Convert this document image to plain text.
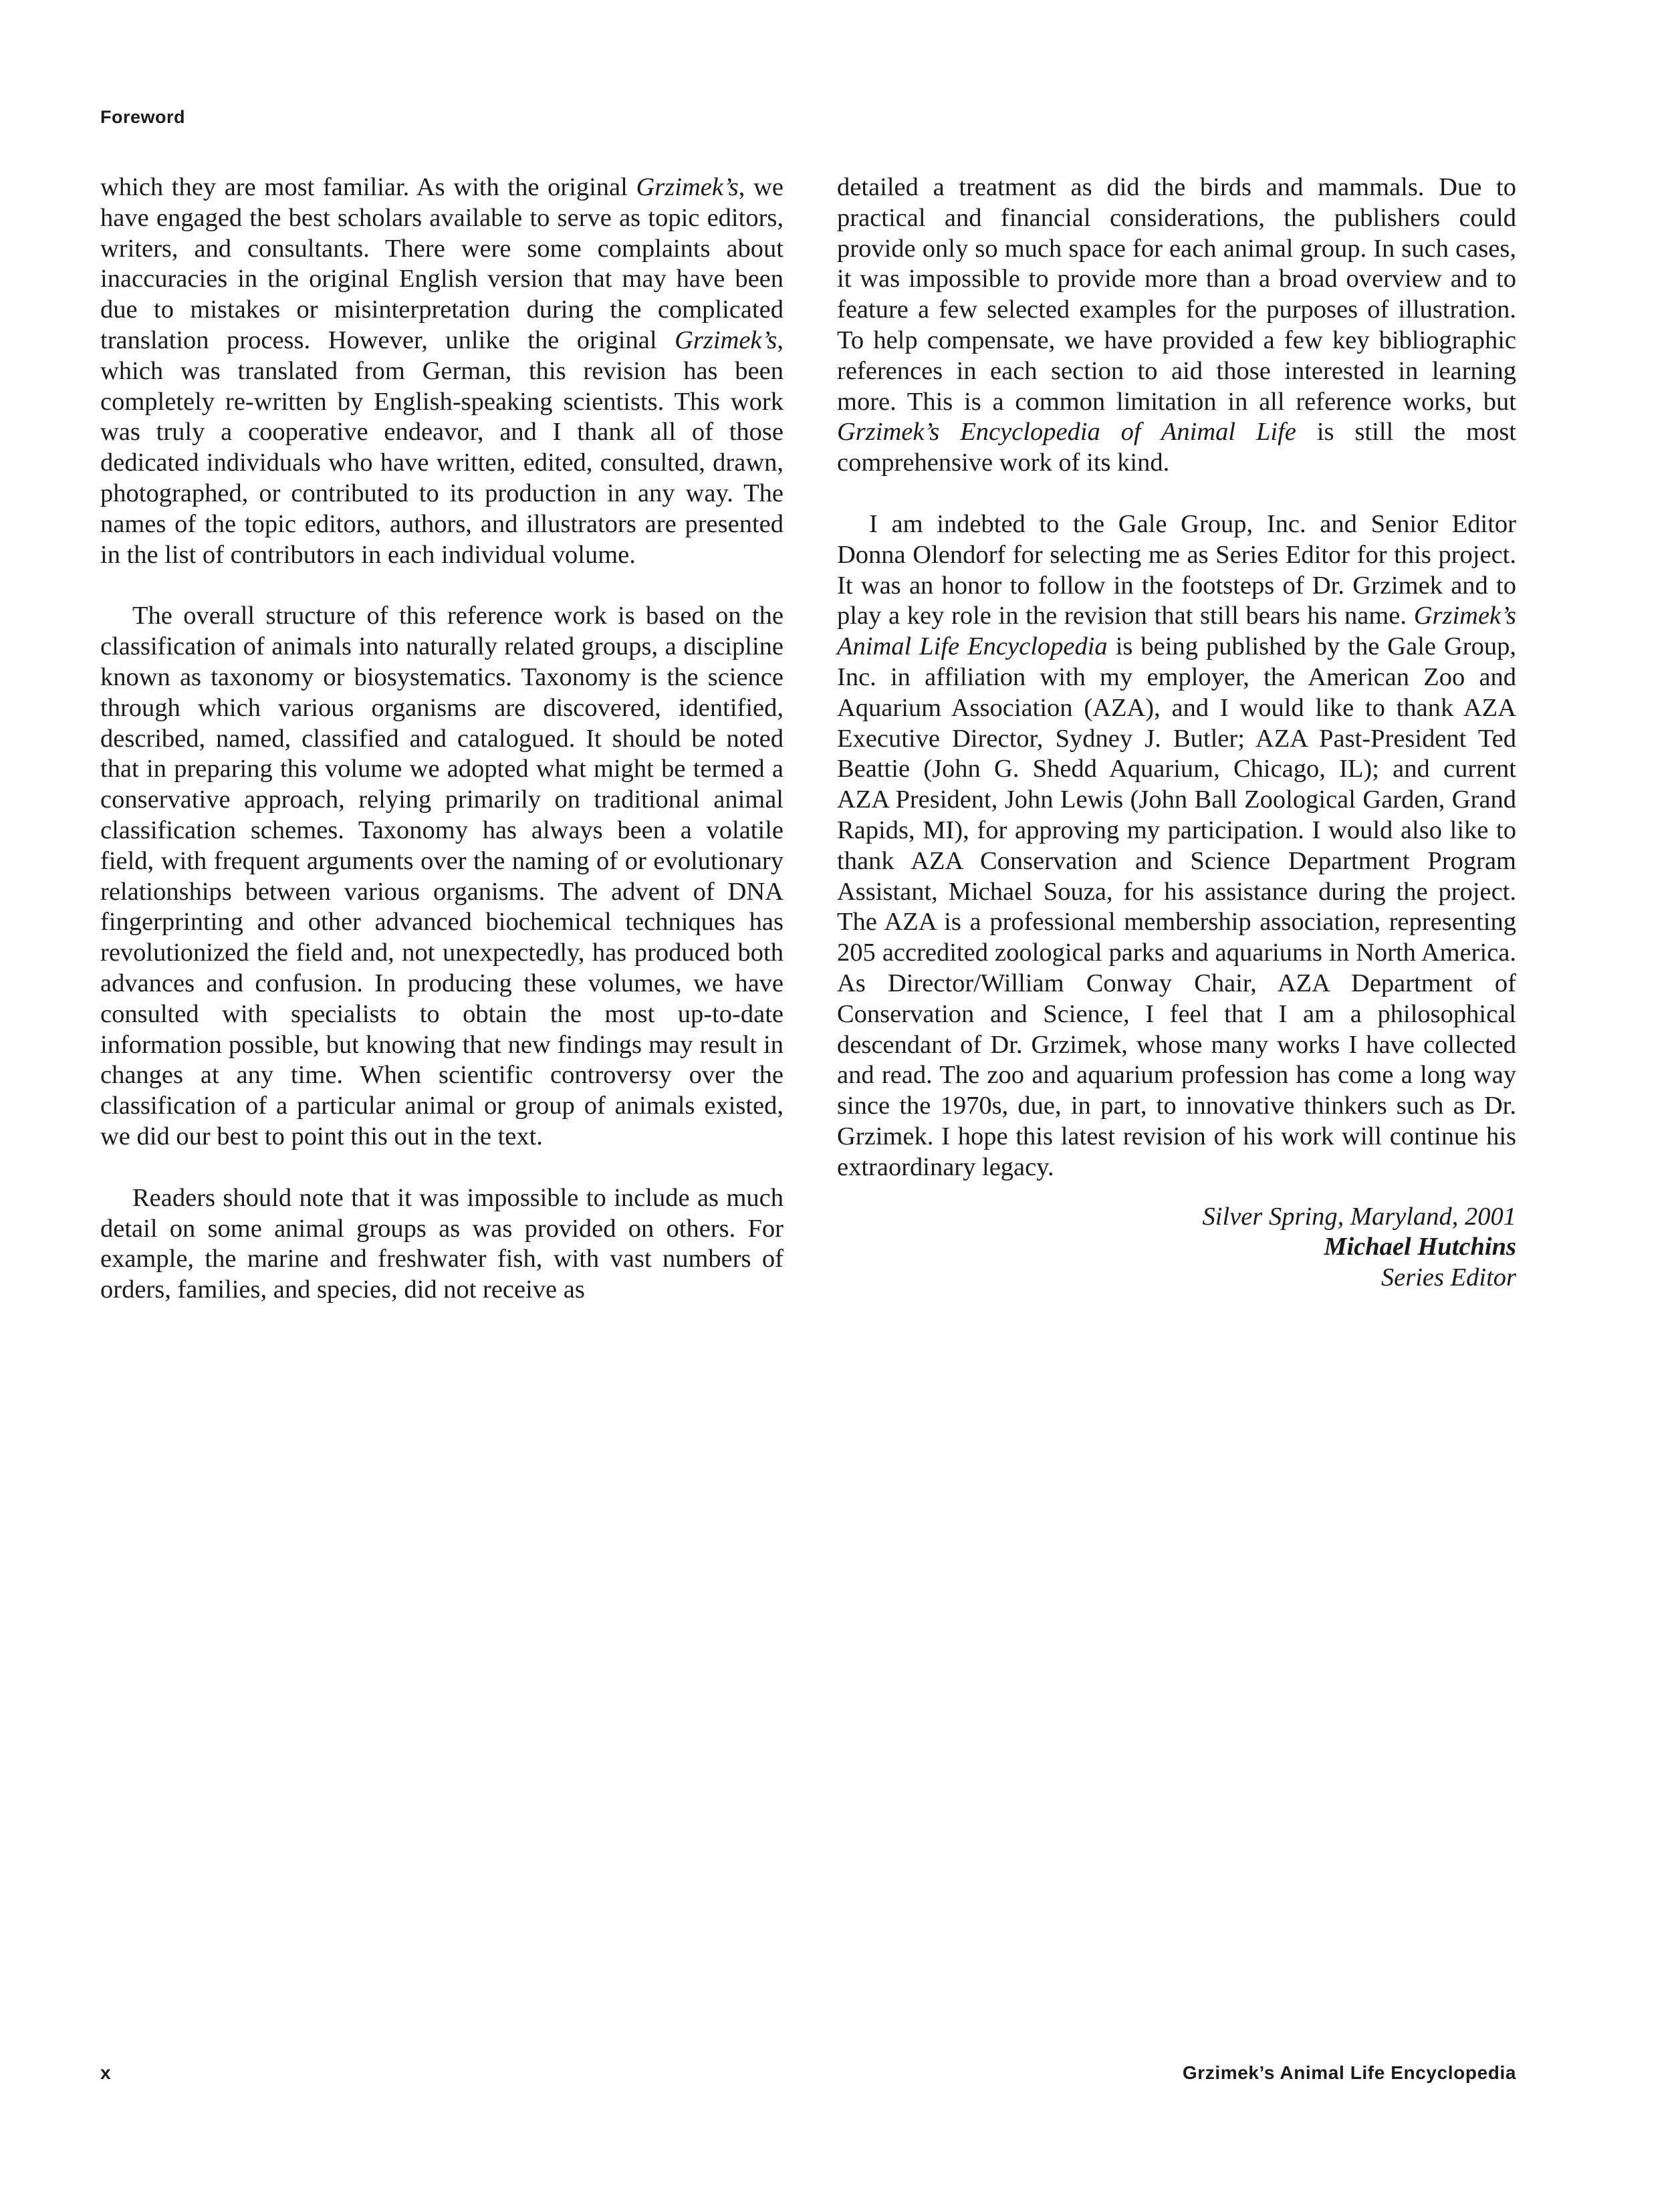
Foreword

which they are most familiar. As with the original Grzimek’s, we have engaged the best scholars available to serve as topic editors, writers, and consultants. There were some complaints about inaccuracies in the original English version that may have been due to mistakes or misinterpretation during the complicated translation process. However, unlike the original Grzimek’s, which was translated from German, this revision has been completely re-written by English-speaking scientists. This work was truly a cooperative endeavor, and I thank all of those dedicated individuals who have written, edited, consulted, drawn, photographed, or contributed to its production in any way. The names of the topic editors, authors, and illustrators are presented in the list of contributors in each individual volume.

The overall structure of this reference work is based on the classification of animals into naturally related groups, a discipline known as taxonomy or biosystematics. Taxonomy is the science through which various organisms are discovered, identified, described, named, classified and catalogued. It should be noted that in preparing this volume we adopted what might be termed a conservative approach, relying primarily on traditional animal classification schemes. Taxonomy has always been a volatile field, with frequent arguments over the naming of or evolutionary relationships between various organisms. The advent of DNA fingerprinting and other advanced biochemical techniques has revolutionized the field and, not unexpectedly, has produced both advances and confusion. In producing these volumes, we have consulted with specialists to obtain the most up-to-date information possible, but knowing that new findings may result in changes at any time. When scientific controversy over the classification of a particular animal or group of animals existed, we did our best to point this out in the text.

Readers should note that it was impossible to include as much detail on some animal groups as was provided on others. For example, the marine and freshwater fish, with vast numbers of orders, families, and species, did not receive as

detailed a treatment as did the birds and mammals. Due to practical and financial considerations, the publishers could provide only so much space for each animal group. In such cases, it was impossible to provide more than a broad overview and to feature a few selected examples for the purposes of illustration. To help compensate, we have provided a few key bibliographic references in each section to aid those interested in learning more. This is a common limitation in all reference works, but Grzimek’s Encyclopedia of Animal Life is still the most comprehensive work of its kind.

I am indebted to the Gale Group, Inc. and Senior Editor Donna Olendorf for selecting me as Series Editor for this project. It was an honor to follow in the footsteps of Dr. Grzimek and to play a key role in the revision that still bears his name. Grzimek’s Animal Life Encyclopedia is being published by the Gale Group, Inc. in affiliation with my employer, the American Zoo and Aquarium Association (AZA), and I would like to thank AZA Executive Director, Sydney J. Butler; AZA Past-President Ted Beattie (John G. Shedd Aquarium, Chicago, IL); and current AZA President, John Lewis (John Ball Zoological Garden, Grand Rapids, MI), for approving my participation. I would also like to thank AZA Conservation and Science Department Program Assistant, Michael Souza, for his assistance during the project. The AZA is a professional membership association, representing 205 accredited zoological parks and aquariums in North America. As Director/William Conway Chair, AZA Department of Conservation and Science, I feel that I am a philosophical descendant of Dr. Grzimek, whose many works I have collected and read. The zoo and aquarium profession has come a long way since the 1970s, due, in part, to innovative thinkers such as Dr. Grzimek. I hope this latest revision of his work will continue his extraordinary legacy.

Silver Spring, Maryland, 2001
Michael Hutchins
Series Editor
x	Grzimek’s Animal Life Encyclopedia
